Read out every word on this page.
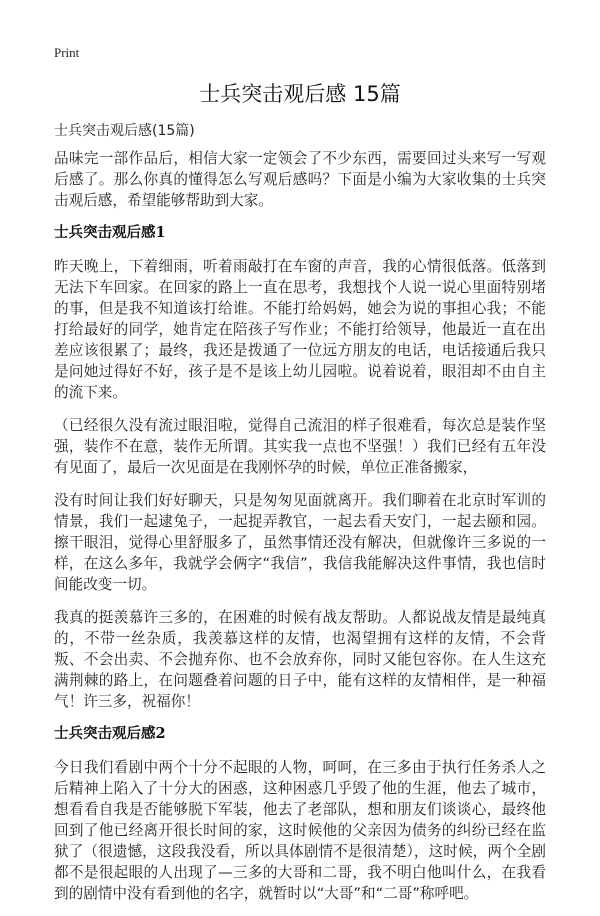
Print
士兵突击观后感 15篇
士兵突击观后感(15篇)

品味完一部作品后，相信大家一定领会了不少东西，需要回过头来写一写观后感了。那么你真的懂得怎么写观后感吗？下面是小编为大家收集的士兵突击观后感，希望能够帮助到大家。

士兵突击观后感1

昨天晚上，下着细雨，听着雨敲打在车窗的声音，我的心情很低落。低落到无法下车回家。在回家的路上一直在思考，我想找个人说一说心里面特别堵的事，但是我不知道该打给谁。不能打给妈妈，她会为说的事担心我；不能打给最好的同学，她肯定在陪孩子写作业；不能打给领导，他最近一直在出差应该很累了；最终，我还是拨通了一位远方朋友的电话，电话接通后我只是问她过得好不好，孩子是不是该上幼儿园啦。说着说着，眼泪却不由自主的流下来。

（已经很久没有流过眼泪啦，觉得自己流泪的样子很难看，每次总是装作坚强，装作不在意，装作无所谓。其实我一点也不坚强！）我们已经有五年没有见面了，最后一次见面是在我刚怀孕的时候，单位正准备搬家，

没有时间让我们好好聊天，只是匆匆见面就离开。我们聊着在北京时军训的情景，我们一起逮兔子，一起捉弄教官，一起去看天安门，一起去颐和园。擦干眼泪，觉得心里舒服多了，虽然事情还没有解决，但就像许三多说的一样，在这么多年，我就学会俩字“我信”，我信我能解决这件事情，我也信时间能改变一切。

我真的挺羡慕许三多的，在困难的时候有战友帮助。人都说战友情是最纯真的，不带一丝杂质，我羡慕这样的友情，也渴望拥有这样的友情，不会背叛、不会出卖、不会抛弃你、也不会放弃你，同时又能包容你。在人生这充满荆棘的路上，在问题叠着问题的日子中，能有这样的友情相伴，是一种福气！许三多，祝福你！

士兵突击观后感2

今日我们看剧中两个十分不起眼的人物，呵呵，在三多由于执行任务杀人之后精神上陷入了十分大的困惑，这种困惑几乎毁了他的生涯，他去了城市，想看看自我是否能够脱下军装，他去了老部队，想和朋友们谈谈心，最终他回到了他已经离开很长时间的家，这时候他的父亲因为债务的纠纷已经在监狱了（很遗憾，这段我没看，所以具体剧情不是很清楚），这时候，两个全剧都不是很起眼的人出现了—三多的大哥和二哥，我不明白他叫什么，在我看到的剧情中没有看到他的名字，就暂时以“大哥”和“二哥”称呼吧。
